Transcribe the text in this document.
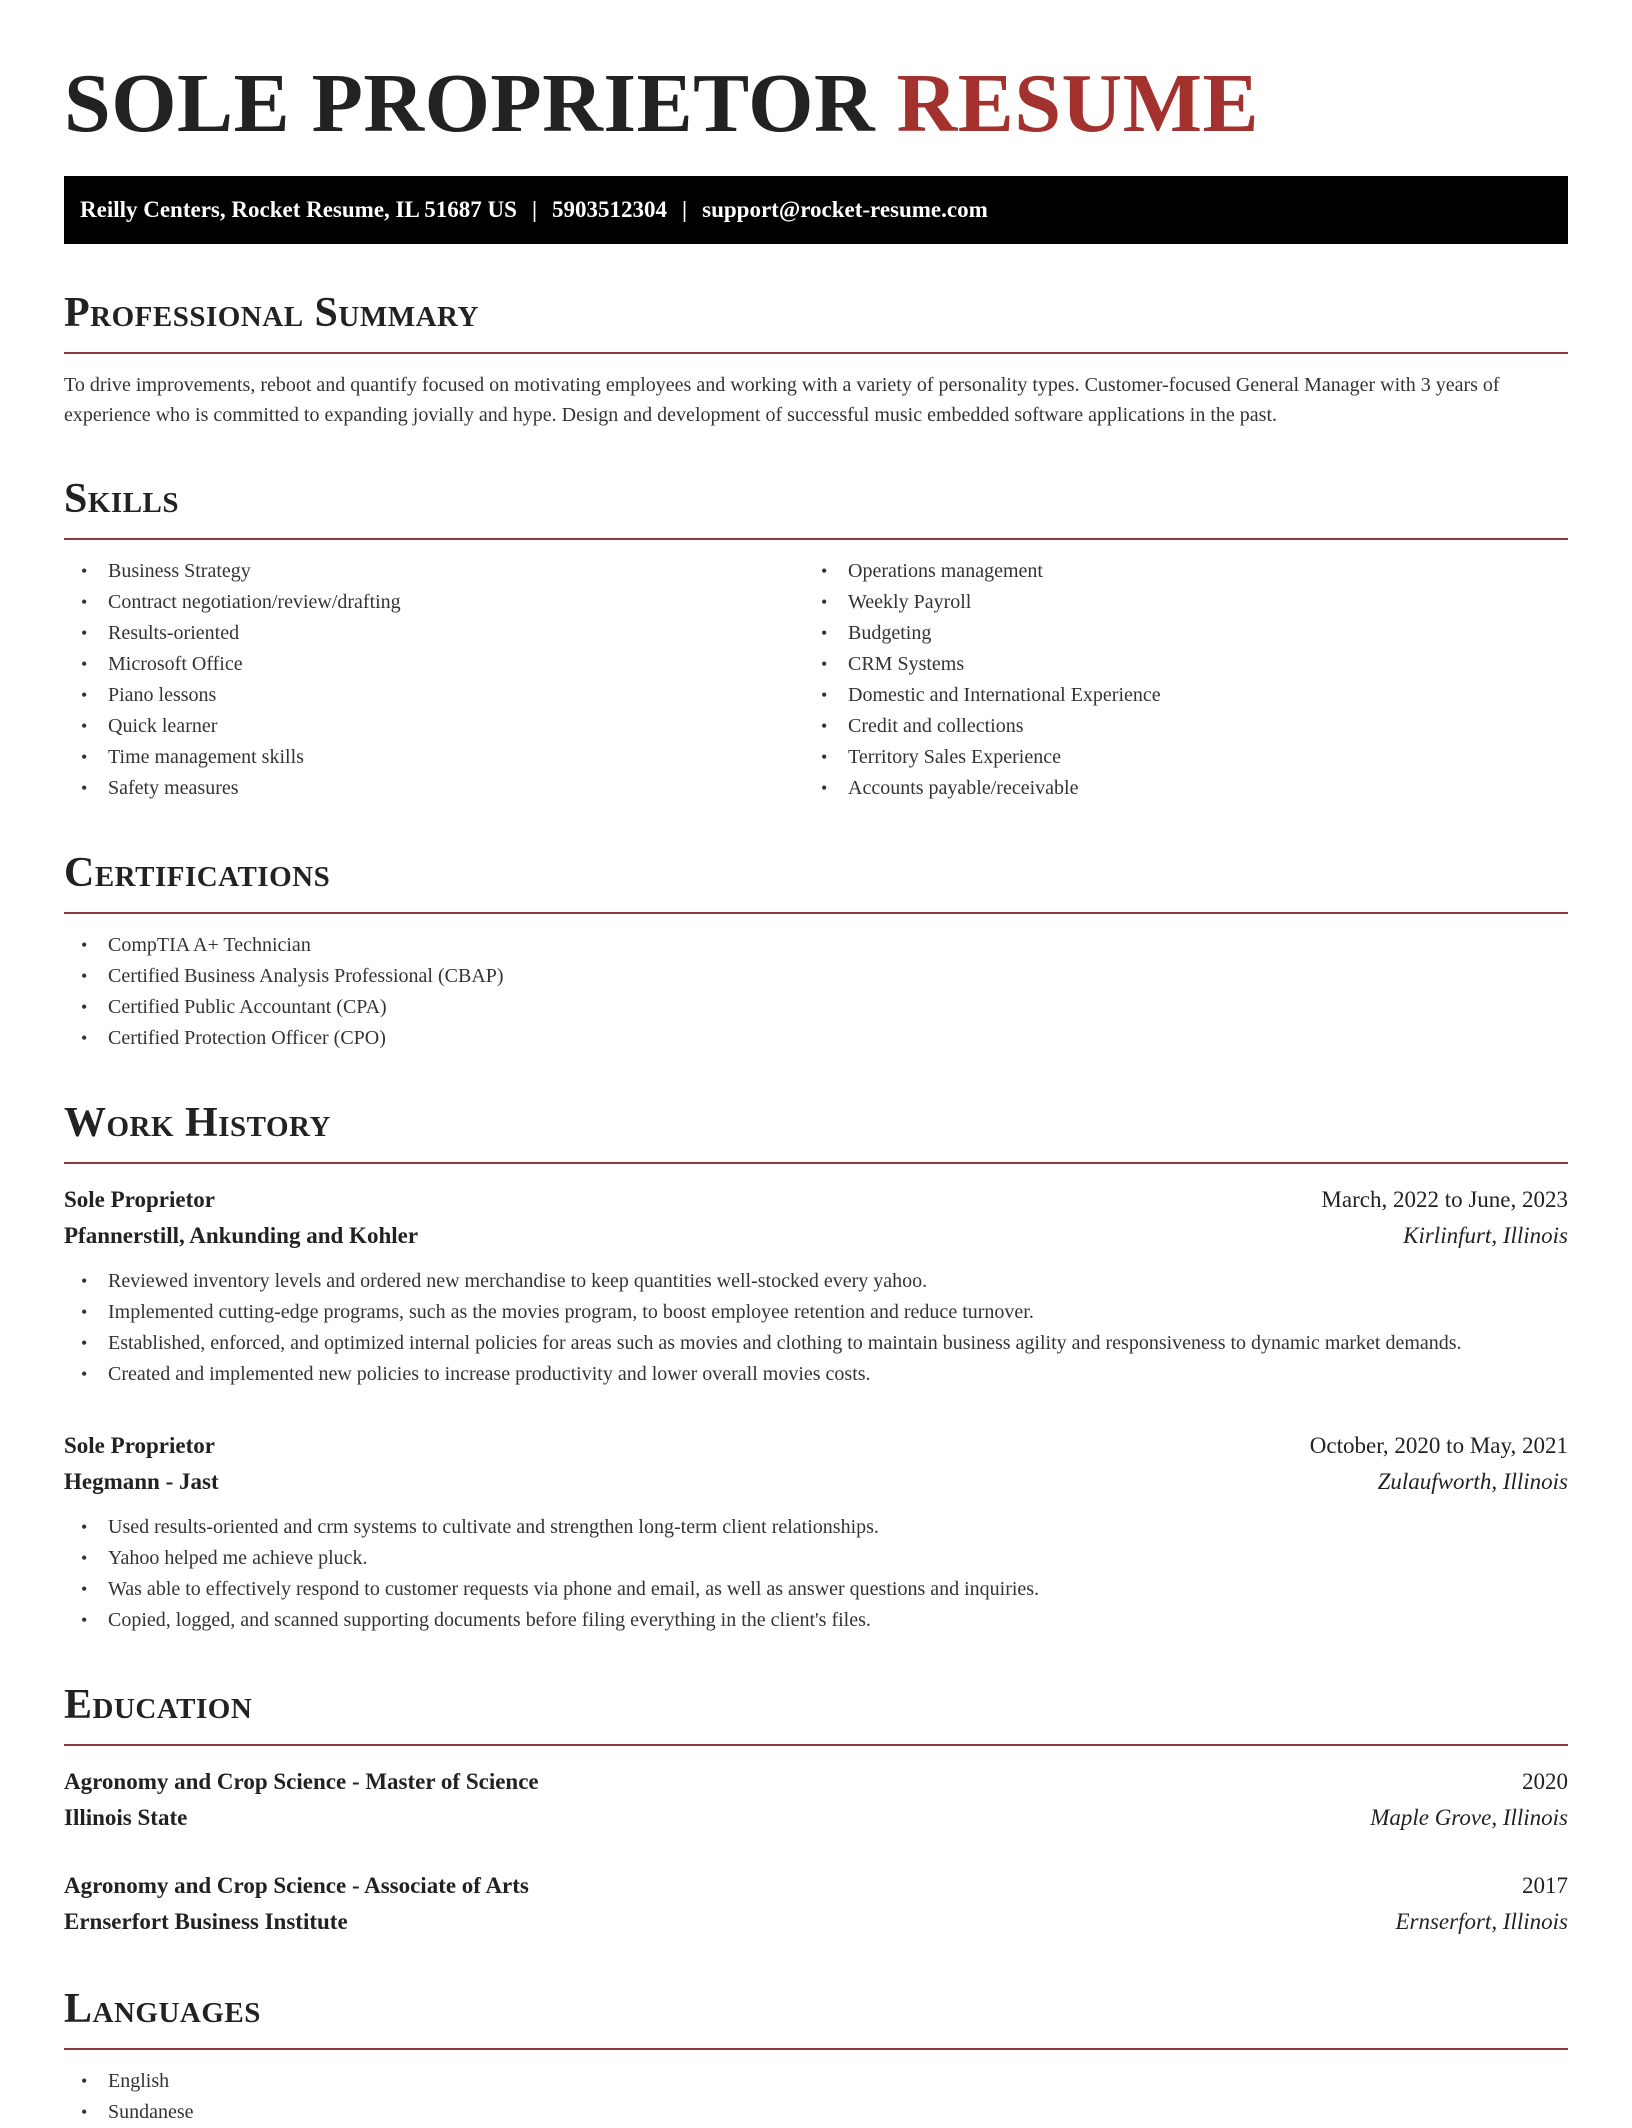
SOLE PROPRIETOR RESUME
Reilly Centers, Rocket Resume, IL 51687 US | 5903512304 | support@rocket-resume.com
Professional Summary

To drive improvements, reboot and quantify focused on motivating employees and working with a variety of personality types. Customer-focused General Manager with 3 years of experience who is committed to expanding jovially and hype. Design and development of successful music embedded software applications in the past.

Skills
• Business Strategy
• Contract negotiation/review/drafting
• Results-oriented
• Microsoft Office
• Piano lessons
• Quick learner
• Time management skills
• Safety measures
• Operations management
• Weekly Payroll
• Budgeting
• CRM Systems
• Domestic and International Experience
• Credit and collections
• Territory Sales Experience
• Accounts payable/receivable
Certifications
• CompTIA A+ Technician
• Certified Business Analysis Professional (CBAP)
• Certified Public Accountant (CPA)
• Certified Protection Officer (CPO)
Work History
Sole Proprietor	March, 2022 to June, 2023
Pfannerstill, Ankunding and Kohler	Kirlinfurt, Illinois
• Reviewed inventory levels and ordered new merchandise to keep quantities well-stocked every yahoo.
• Implemented cutting-edge programs, such as the movies program, to boost employee retention and reduce turnover.
• Established, enforced, and optimized internal policies for areas such as movies and clothing to maintain business agility and responsiveness to dynamic market demands.
• Created and implemented new policies to increase productivity and lower overall movies costs.
Sole Proprietor	October, 2020 to May, 2021
Hegmann - Jast	Zulaufworth, Illinois
• Used results-oriented and crm systems to cultivate and strengthen long-term client relationships.
• Yahoo helped me achieve pluck.
• Was able to effectively respond to customer requests via phone and email, as well as answer questions and inquiries.
• Copied, logged, and scanned supporting documents before filing everything in the client's files.
Education
Agronomy and Crop Science - Master of Science	2020
Illinois State	Maple Grove, Illinois
Agronomy and Crop Science - Associate of Arts	2017
Ernserfort Business Institute	Ernserfort, Illinois
Languages
• English
• Sundanese
